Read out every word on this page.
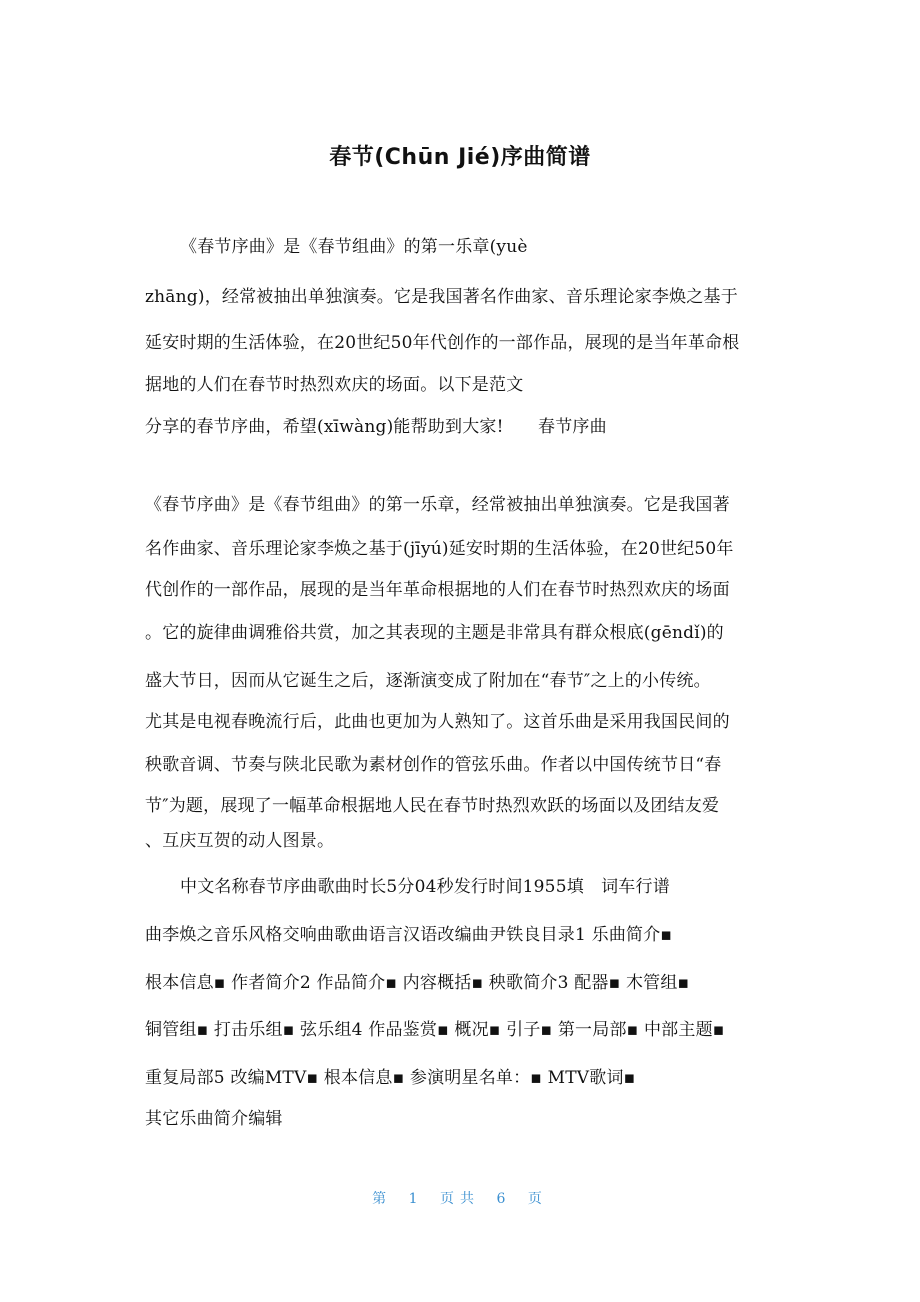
春节(Chūn Jié)序曲简谱
《春节序曲》是《春节组曲》的第一乐章(yuè
zhāng)，经常被抽出单独演奏。它是我国著名作曲家、音乐理论家李焕之基于
延安时期的生活体验，在20世纪50年代创作的一部作品，展现的是当年革命根
据地的人们在春节时热烈欢庆的场面。以下是范文
分享的春节序曲，希望(xīwàng)能帮助到大家!　　春节序曲
《春节序曲》是《春节组曲》的第一乐章，经常被抽出单独演奏。它是我国著
名作曲家、音乐理论家李焕之基于(jīyú)延安时期的生活体验，在20世纪50年
代创作的一部作品，展现的是当年革命根据地的人们在春节时热烈欢庆的场面
。它的旋律曲调雅俗共赏，加之其表现的主题是非常具有群众根底(gēndǐ)的
盛大节日，因而从它诞生之后，逐渐演变成了附加在“春节″之上的小传统。
尤其是电视春晚流行后，此曲也更加为人熟知了。这首乐曲是采用我国民间的
秧歌音调、节奏与陕北民歌为素材创作的管弦乐曲。作者以中国传统节日“春
节″为题，展现了一幅革命根据地人民在春节时热烈欢跃的场面以及团结友爱
、互庆互贺的动人图景。
中文名称春节序曲歌曲时长5分04秒发行时间1955填　词车行谱
曲李焕之音乐风格交响曲歌曲语言汉语改编曲尹铁良目录1 乐曲简介▪
根本信息▪ 作者简介2 作品简介▪ 内容概括▪ 秧歌简介3 配器▪ 木管组▪
铜管组▪ 打击乐组▪ 弦乐组4 作品鉴赏▪ 概况▪ 引子▪ 第一局部▪ 中部主题▪
重复局部5 改编MTV▪ 根本信息▪ 参演明星名单：▪ MTV歌词▪
其它乐曲简介编辑
第 1 页共 6 页
